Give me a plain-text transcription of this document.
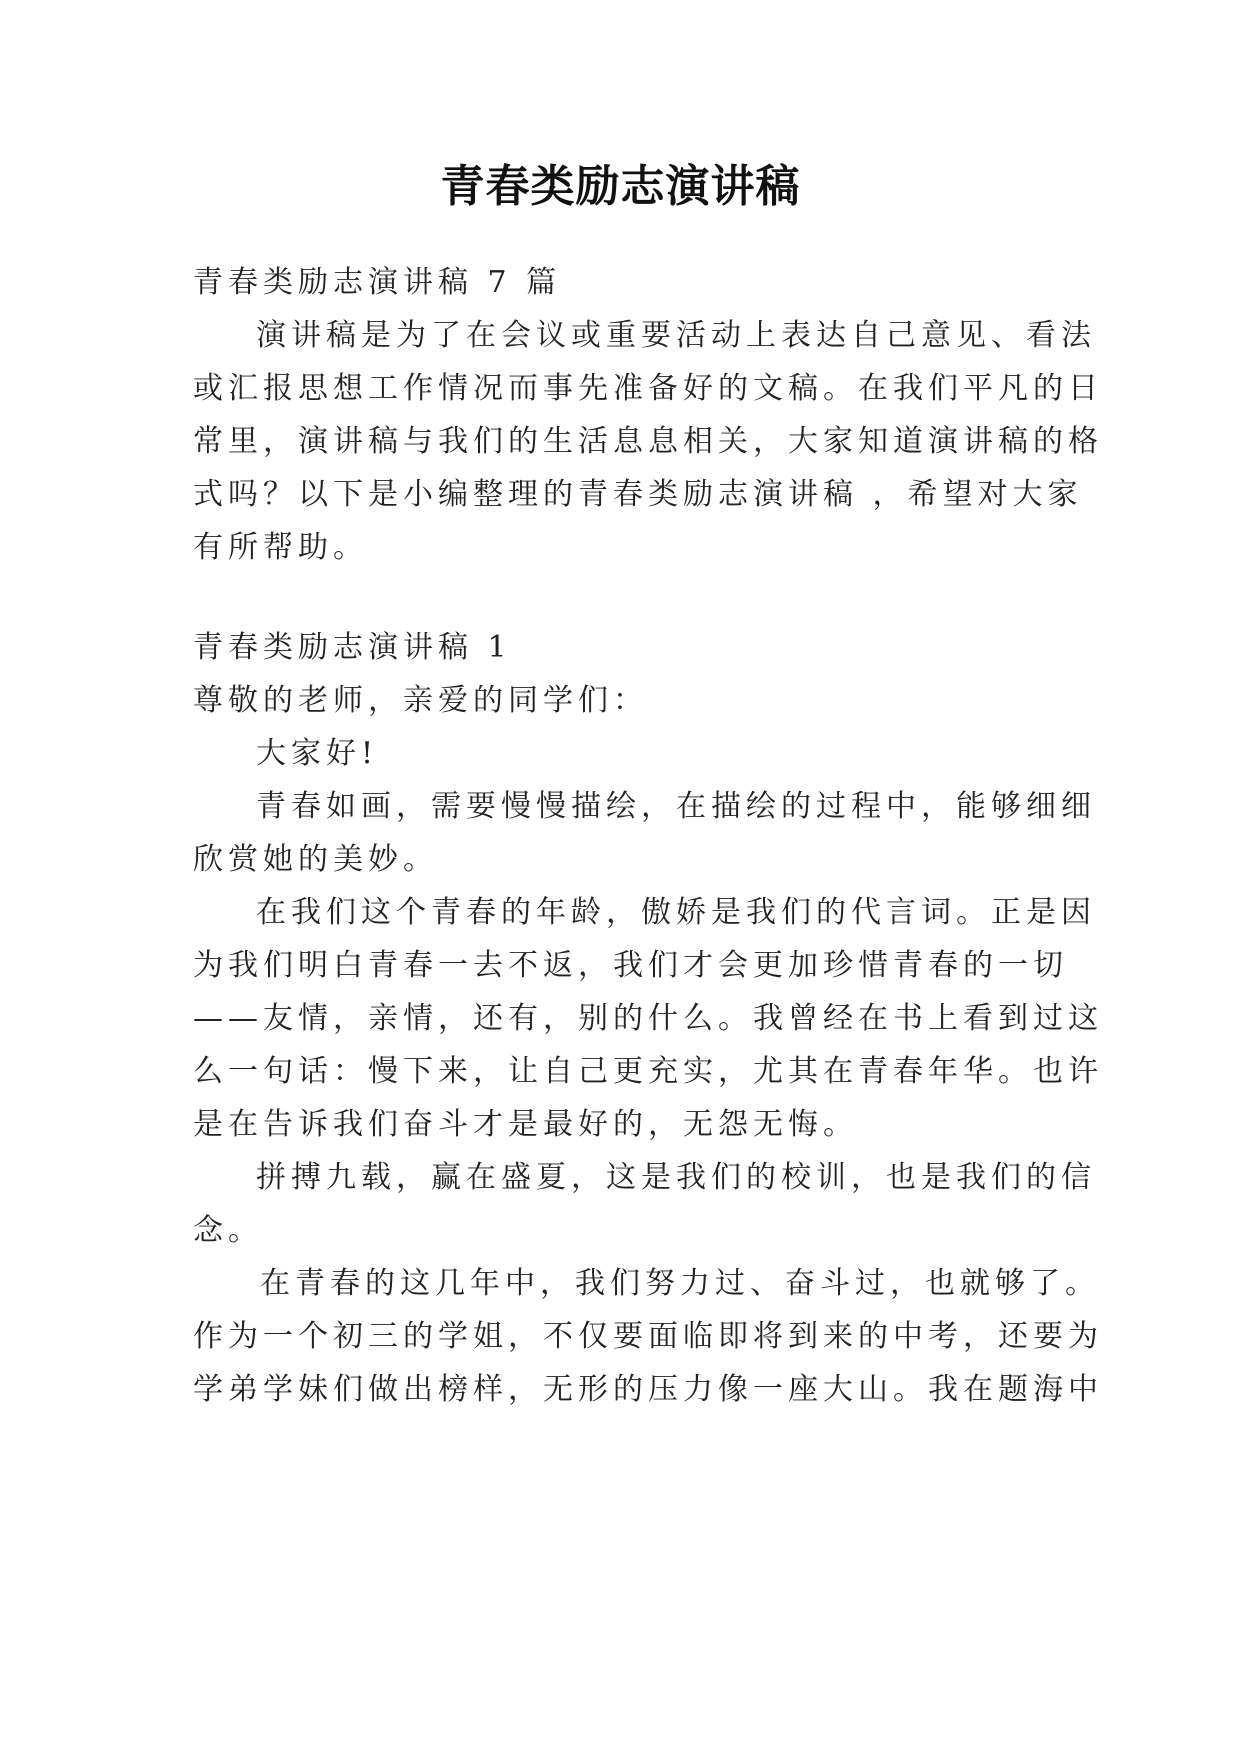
青春类励志演讲稿
青春类励志演讲稿 7 篇
演讲稿是为了在会议或重要活动上表达自己意见、看法
或汇报思想工作情况而事先准备好的文稿。在我们平凡的日
常里，演讲稿与我们的生活息息相关，大家知道演讲稿的格
式吗？以下是小编整理的青春类励志演讲稿 ，希望对大家
有所帮助。
青春类励志演讲稿 1
尊敬的老师，亲爱的同学们：
大家好!
青春如画，需要慢慢描绘，在描绘的过程中，能够细细
欣赏她的美妙。
在我们这个青春的年龄，傲娇是我们的代言词。正是因
为我们明白青春一去不返，我们才会更加珍惜青春的一切
——友情，亲情，还有，别的什么。我曾经在书上看到过这
么一句话：慢下来，让自己更充实，尤其在青春年华。也许
是在告诉我们奋斗才是最好的，无怨无悔。
拼搏九载，赢在盛夏，这是我们的校训，也是我们的信
念。
在青春的这几年中，我们努力过、奋斗过，也就够了。
作为一个初三的学姐，不仅要面临即将到来的中考，还要为
学弟学妹们做出榜样，无形的压力像一座大山。我在题海中
